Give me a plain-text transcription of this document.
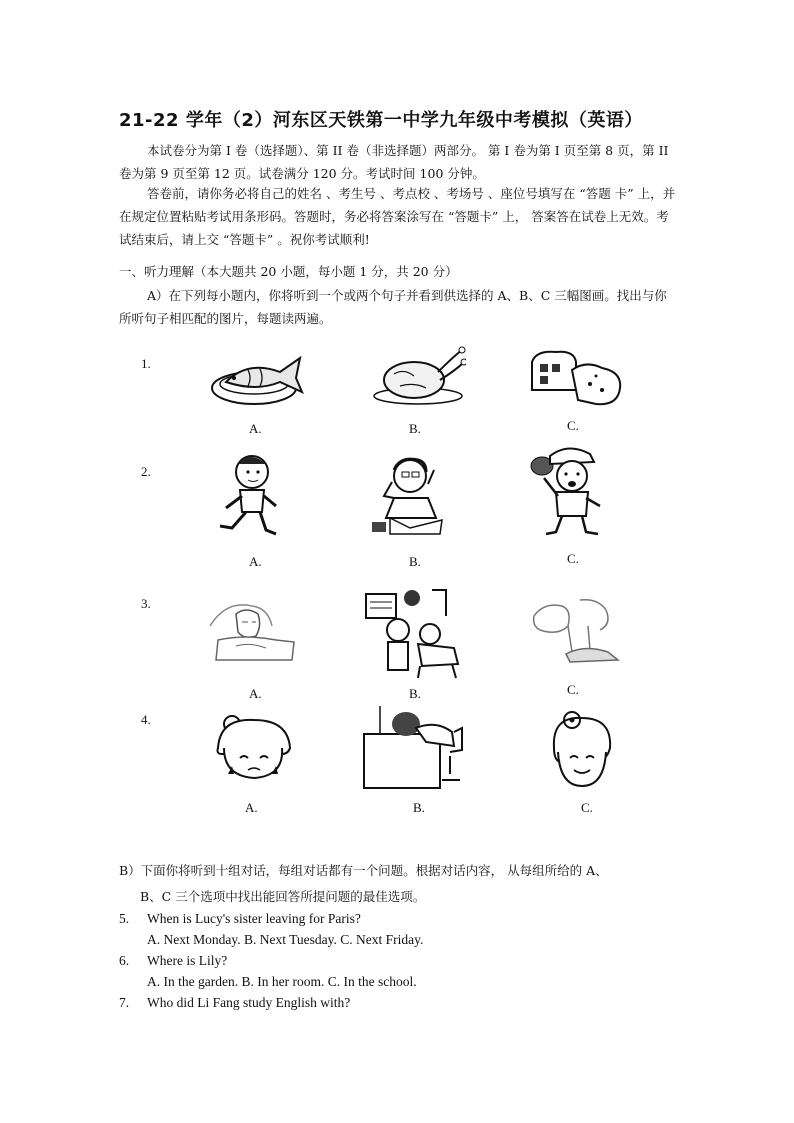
21-22 学年（2）河东区天铁第一中学九年级中考模拟（英语）
本试卷分为第 I 卷（选择题）、第 II 卷（非选择题）两部分。 第 I 卷为第 I 页至第 8 页，第 II 卷为第 9 页至第 12 页。试卷满分 120 分。考试时间 100 分钟。
答卷前，请你务必将自己的姓名 、考生号 、考点校 、考场号 、座位号填写在 “答题 卡” 上，并在规定位置粘贴考试用条形码。答题时，务必将答案涂写在 “答题卡” 上， 答案答在试卷上无效。考试结束后，请上交 “答题卡” 。祝你考试顺利!
一、听力理解（本大题共 20 小题，每小题 1 分，共 20 分）
A）在下列每小题内，你将听到一个或两个句子并看到供选择的 A、B、C 三幅图画。找出与你所听句子相匹配的图片，每题读两遍。
1.
A.	B.	C.
2.
A.	B.	C.
3.
A.	B.	C.
4.
A.	B.	C.
B）下面你将听到十组对话，每组对话都有一个问题。根据对话内容， 从每组所给的 A、
B、C 三个选项中找出能回答所提问题的最佳选项。
5. When is Lucy's sister leaving for Paris?
A. Next Monday. B. Next Tuesday. C. Next Friday.
6. Where is Lily?
A. In the garden. B. In her room. C. In the school.
7. Who did Li Fang study English with?
